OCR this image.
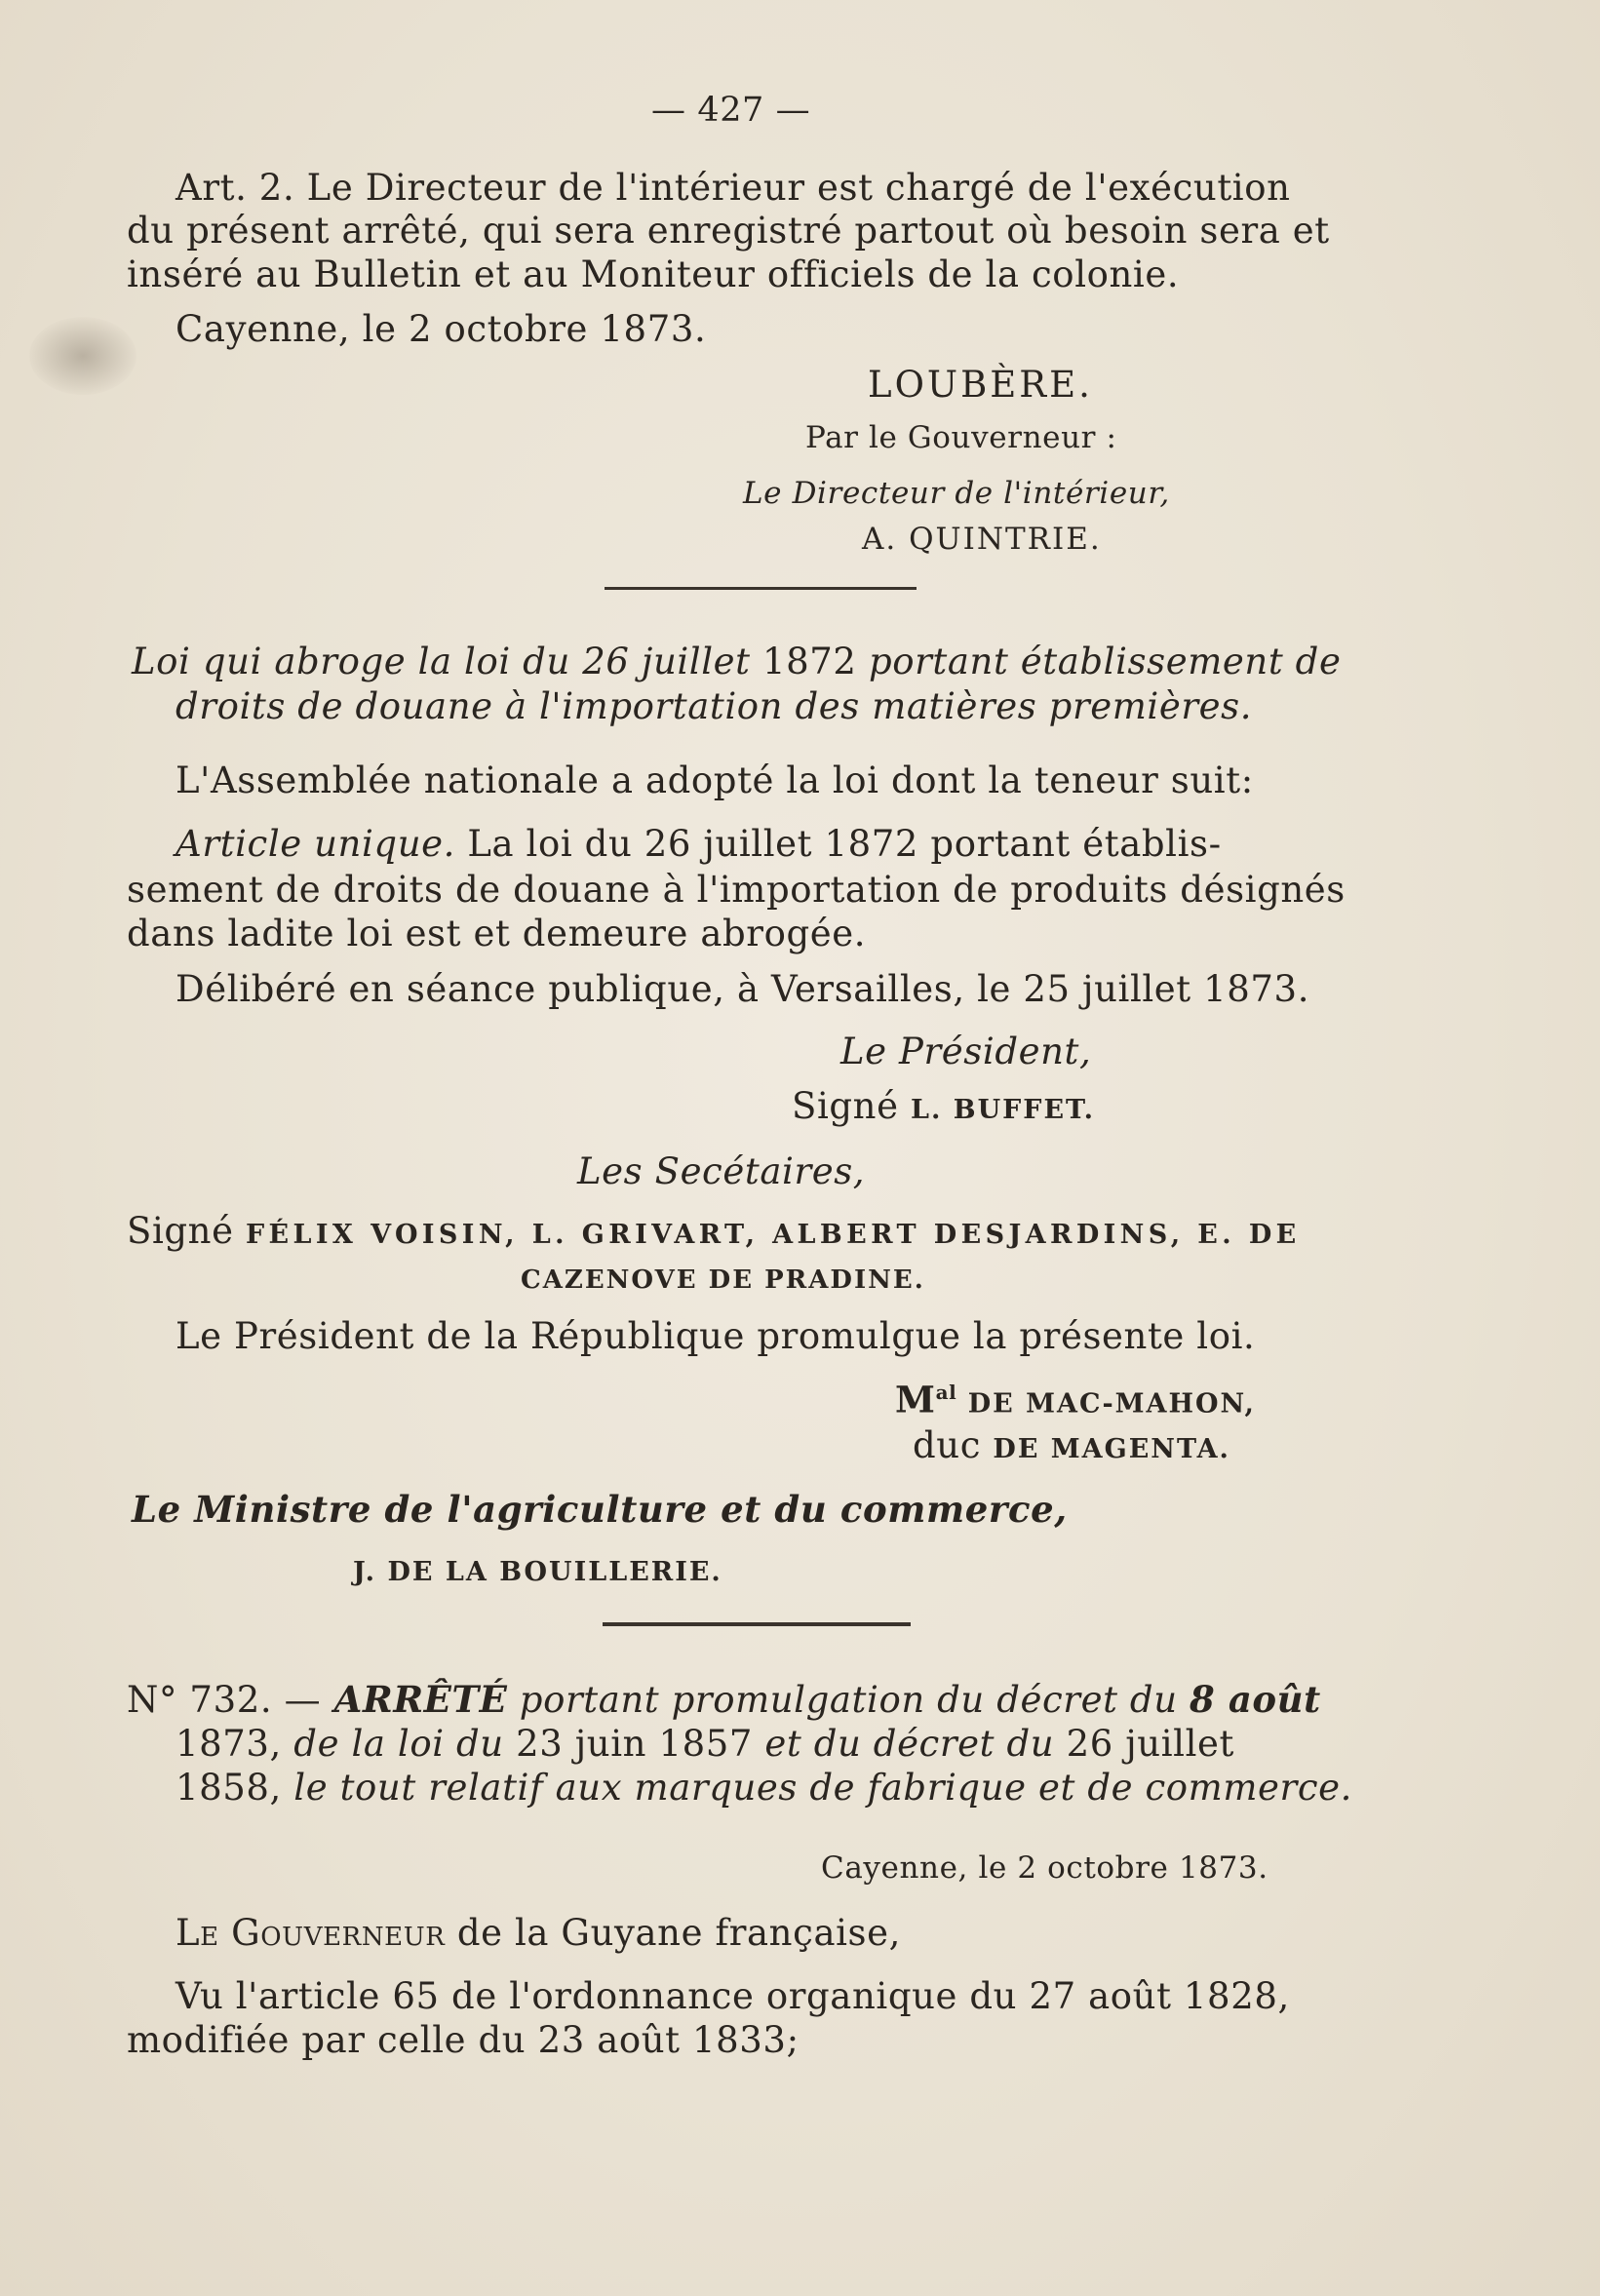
— 427 —
Art. 2. Le Directeur de l'intérieur est chargé de l'exécution
du présent arrêté, qui sera enregistré partout où besoin sera et
inséré au Bulletin et au Moniteur officiels de la colonie.
Cayenne, le 2 octobre 1873.
LOUBÈRE.
Par le Gouverneur :
Le Directeur de l'intérieur,
A. QUINTRIE.
Loi qui abroge la loi du 26 juillet 1872 portant établissement de
droits de douane à l'importation des matières premières.
L'Assemblée nationale a adopté la loi dont la teneur suit:
Article unique. La loi du 26 juillet 1872 portant établis-
sement de droits de douane à l'importation de produits désignés
dans ladite loi est et demeure abrogée.
Délibéré en séance publique, à Versailles, le 25 juillet 1873.
Le Président,
Signé L. BUFFET.
Les Secétaires,
Signé FÉLIX VOISIN, L. GRIVART, ALBERT DESJARDINS, E. DE
CAZENOVE DE PRADINE.
Le Président de la République promulgue la présente loi.
$M^{al}$ DE MAC-MAHON,
duc DE MAGENTA.
Le Ministre de l'agriculture et du commerce,
J. DE LA BOUILLERIE.
N° 732. — ARRÊTÉ portant promulgation du décret du 8 août
1873, de la loi du 23 juin 1857 et du décret du 26 juillet
1858, le tout relatif aux marques de fabrique et de commerce.
Cayenne, le 2 octobre 1873.
Le Gouverneur de la Guyane française,
Vu l'article 65 de l'ordonnance organique du 27 août 1828,
modifiée par celle du 23 août 1833;
